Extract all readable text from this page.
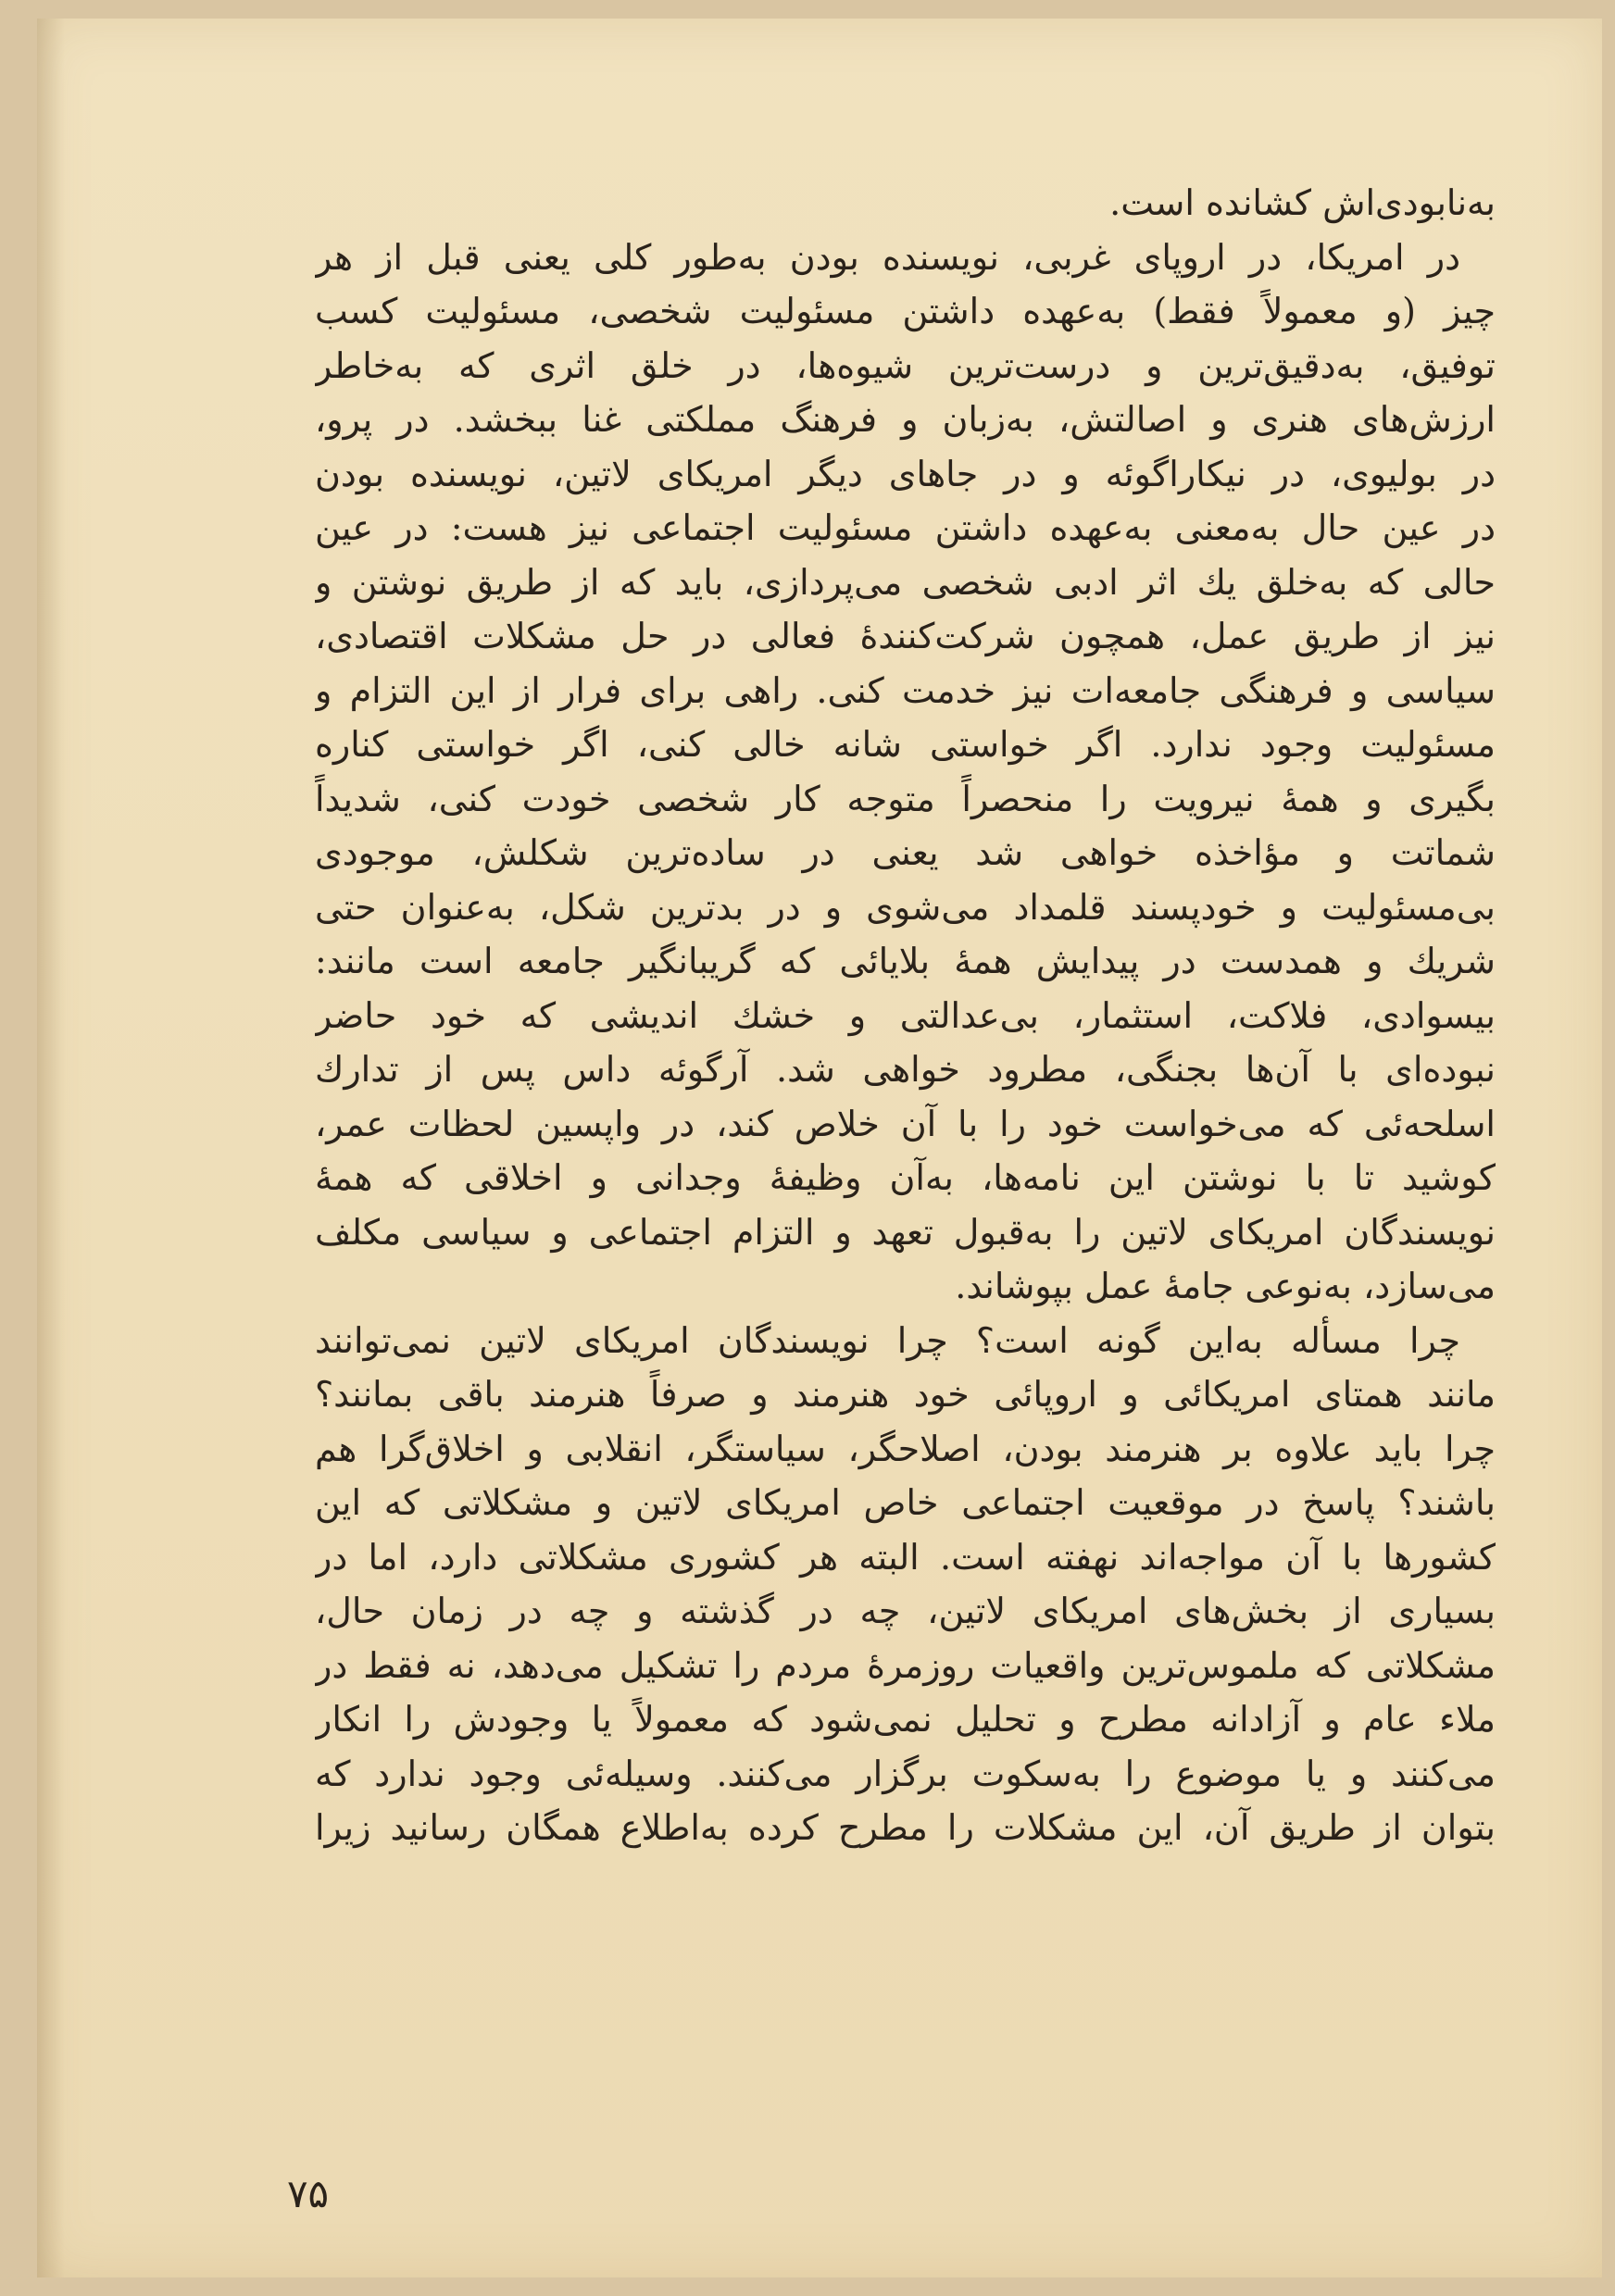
به‌نابودی‌اش کشانده است.
در امریکا، در اروپای غربی، نویسنده بودن به‌طور کلی یعنی قبل از هر
چیز (و معمولاً فقط) به‌عهده داشتن مسئولیت شخصی، مسئولیت کسب
توفیق، به‌دقیق‌ترین و درست‌ترین شیوه‌ها، در خلق اثری که به‌خاطر
ارزش‌های هنری و اصالتش، به‌زبان و فرهنگ مملکتی غنا ببخشد. در پرو،
در بولیوی، در نیکاراگوئه و در جاهای دیگر امریکای لاتین، نویسنده بودن
در عین حال به‌معنی به‌عهده داشتن مسئولیت اجتماعی نیز هست: در عین
حالی که به‌خلق یك اثر ادبی شخصی می‌پردازی، باید که از طریق نوشتن و
نیز از طریق عمل، همچون شرکت‌کنندهٔ فعالی در حل مشکلات اقتصادی،
سیاسی و فرهنگی جامعه‌ات نیز خدمت کنی. راهی برای فرار از این التزام و
مسئولیت وجود ندارد. اگر خواستی شانه خالی کنی، اگر خواستی کناره
بگیری و همهٔ نیرویت را منحصراً متوجه کار شخصی خودت کنی، شدیداً
شماتت و مؤاخذه خواهی شد یعنی در ساده‌ترین شکلش، موجودی
بی‌مسئولیت و خودپسند قلمداد می‌شوی و در بدترین شکل، به‌عنوان حتی
شریك و همدست در پیدایش همهٔ بلایائی که گریبانگیر جامعه است مانند:
بیسوادی، فلاکت، استثمار، بی‌عدالتی و خشك اندیشی که خود حاضر
نبوده‌ای با آن‌ها بجنگی، مطرود خواهی شد. آرگوئه داس پس از تدارك
اسلحه‌ئی که می‌خواست خود را با آن خلاص کند، در واپسین لحظات عمر،
کوشید تا با نوشتن این نامه‌ها، به‌آن وظیفهٔ وجدانی و اخلاقی که همهٔ
نویسندگان امریکای لاتین را به‌قبول تعهد و التزام اجتماعی و سیاسی مکلف
می‌سازد، به‌نوعی جامهٔ عمل بپوشاند.
چرا مسأله به‌این گونه است؟ چرا نویسندگان امریکای لاتین نمی‌توانند
مانند همتای امریکائی و اروپائی خود هنرمند و صرفاً هنرمند باقی بمانند؟
چرا باید علاوه بر هنرمند بودن، اصلاحگر، سیاستگر، انقلابی و اخلاق‌گرا هم
باشند؟ پاسخ در موقعیت اجتماعی خاص امریکای لاتین و مشکلاتی که این
کشورها با آن مواجه‌اند نهفته است. البته هر کشوری مشکلاتی دارد، اما در
بسیاری از بخش‌های امریکای لاتین، چه در گذشته و چه در زمان حال،
مشکلاتی که ملموس‌ترین واقعیات روزمرهٔ مردم را تشکیل می‌دهد، نه فقط در
ملاء عام و آزادانه مطرح و تحلیل نمی‌شود که معمولاً یا وجودش را انکار
می‌کنند و یا موضوع را به‌سکوت برگزار می‌کنند. وسیله‌ئی وجود ندارد که
بتوان از طریق آن، این مشکلات را مطرح کرده به‌اطلاع همگان رسانید زیرا
۷۵
